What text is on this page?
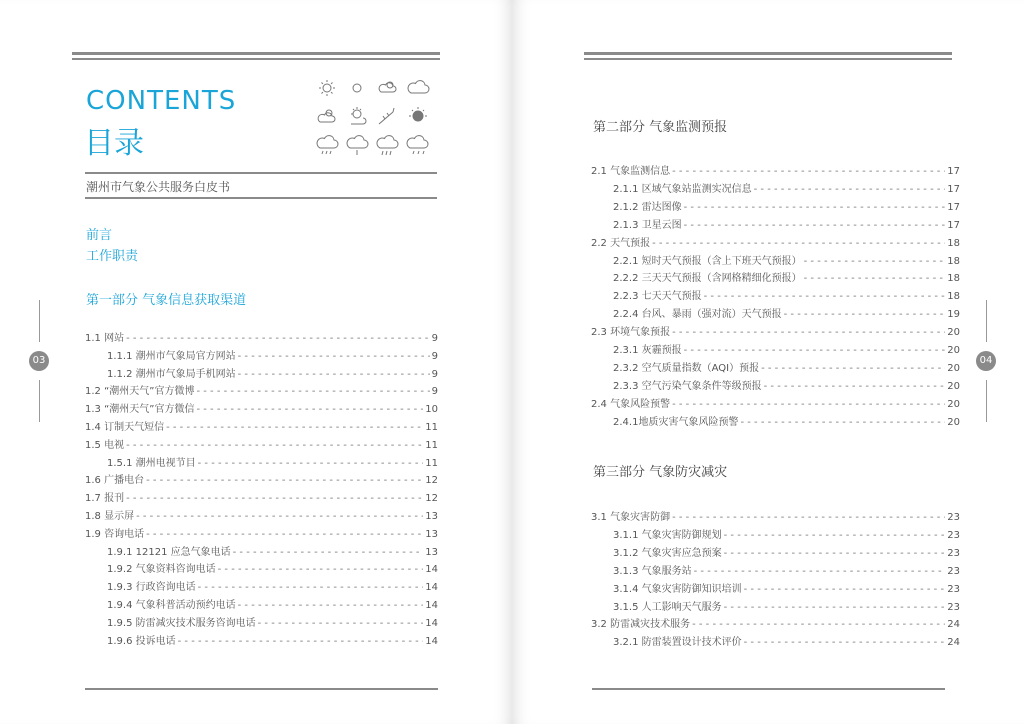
CONTENTS
目录
潮州市气象公共服务白皮书
前言
工作职责
第一部分 气象信息获取渠道
1.1 网站 - - -	9
1.1.1 潮州市气象局官方网站 - - -	9
1.1.2 潮州市气象局手机网站 - - -	9
1.2 “潮州天气”官方微博 - - -	9
1.3 “潮州天气”官方微信 - - -	10
1.4 订制天气短信 - - -	11
1.5 电视 - - -	11
1.5.1 潮州电视节目 - - -	11
1.6 广播电台 - - -	12
1.7 报刊 - - -	12
1.8 显示屏 - - -	13
1.9 咨询电话 - - -	13
1.9.1 12121 应急气象电话 - - -	13
1.9.2 气象资料咨询电话 - - -	14
1.9.3 行政咨询电话 - - -	14
1.9.4 气象科普活动预约电话 - - -	14
1.9.5 防雷减灾技术服务咨询电话 - - -	14
1.9.6 投诉电话 - - -	14
03
第二部分 气象监测预报
2.1 气象监测信息 - - -	17
2.1.1 区域气象站监测实况信息 - - -	17
2.1.2 雷达图像 - - -	17
2.1.3 卫星云图 - - -	17
2.2 天气预报 - - -	18
2.2.1 短时天气预报（含上下班天气预报） - - -	18
2.2.2 三天天气预报（含网格精细化预报） - - -	18
2.2.3 七天天气预报 - - -	18
2.2.4 台风、暴雨（强对流）天气预报 - - -	19
2.3 环境气象预报 - - -	20
2.3.1 灰霾预报 - - -	20
2.3.2 空气质量指数（AQI）预报 - - -	20
2.3.3 空气污染气象条件等级预报 - - -	20
2.4 气象风险预警 - - -	20
2.4.1地质灾害气象风险预警 - - -	20
第三部分 气象防灾减灾
3.1 气象灾害防御 - - -	23
3.1.1 气象灾害防御规划 - - -	23
3.1.2 气象灾害应急预案 - - -	23
3.1.3 气象服务站 - - -	23
3.1.4 气象灾害防御知识培训 - - -	23
3.1.5 人工影响天气服务 - - -	23
3.2 防雷减灾技术服务 - - -	24
3.2.1 防雷装置设计技术评价 - - -	24
04
